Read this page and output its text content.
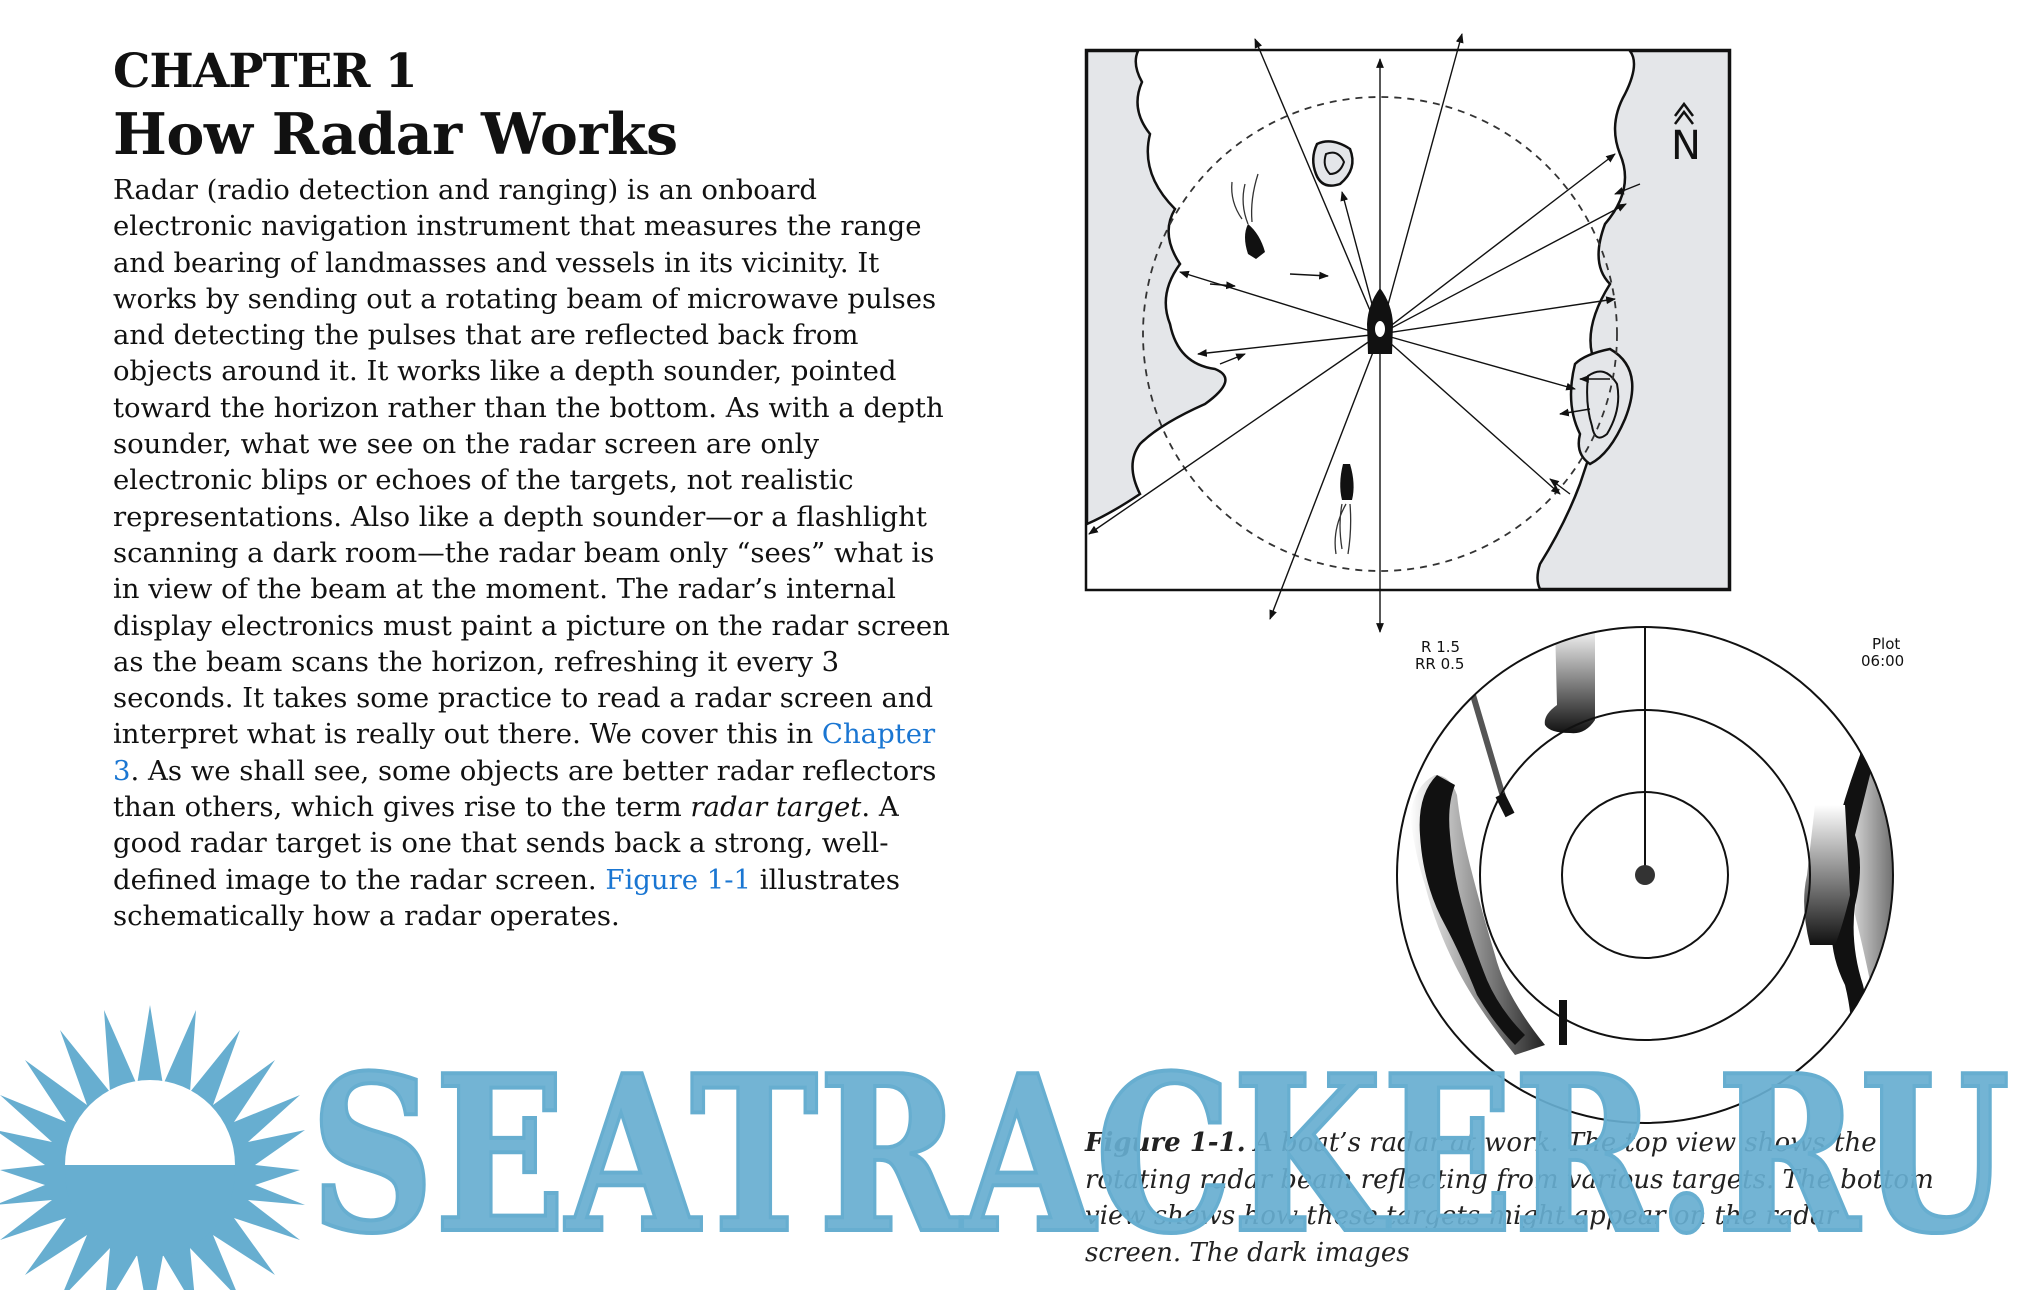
CHAPTER 1
How Radar Works

Radar (radio detection and ranging) is an onboard electronic navigation instrument that measures the range and bearing of landmasses and vessels in its vicinity. It works by sending out a rotating beam of microwave pulses and detecting the pulses that are reflected back from objects around it. It works like a depth sounder, pointed toward the horizon rather than the bottom. As with a depth sounder, what we see on the radar screen are only electronic blips or echoes of the targets, not realistic representations. Also like a depth sounder—or a flashlight scanning a dark room—the radar beam only “sees” what is in view of the beam at the moment. The radar’s internal display electronics must paint a picture on the radar screen as the beam scans the horizon, refreshing it every 3 seconds. It takes some practice to read a radar screen and interpret what is really out there. We cover this in Chapter 3. As we shall see, some objects are better radar reflectors than others, which gives rise to the term radar target. A good radar target is one that sends back a strong, well-defined image to the radar screen. Figure 1-1 illustrates schematically how a radar operates.

N
R 1.5
RR 0.5
Plot
06:00

Figure 1-1. A boat’s radar at work. The top view shows the rotating radar beam reflecting from various targets. The bottom view shows how these targets might appear on the radar screen. The dark images

SEATRACKER.RU
